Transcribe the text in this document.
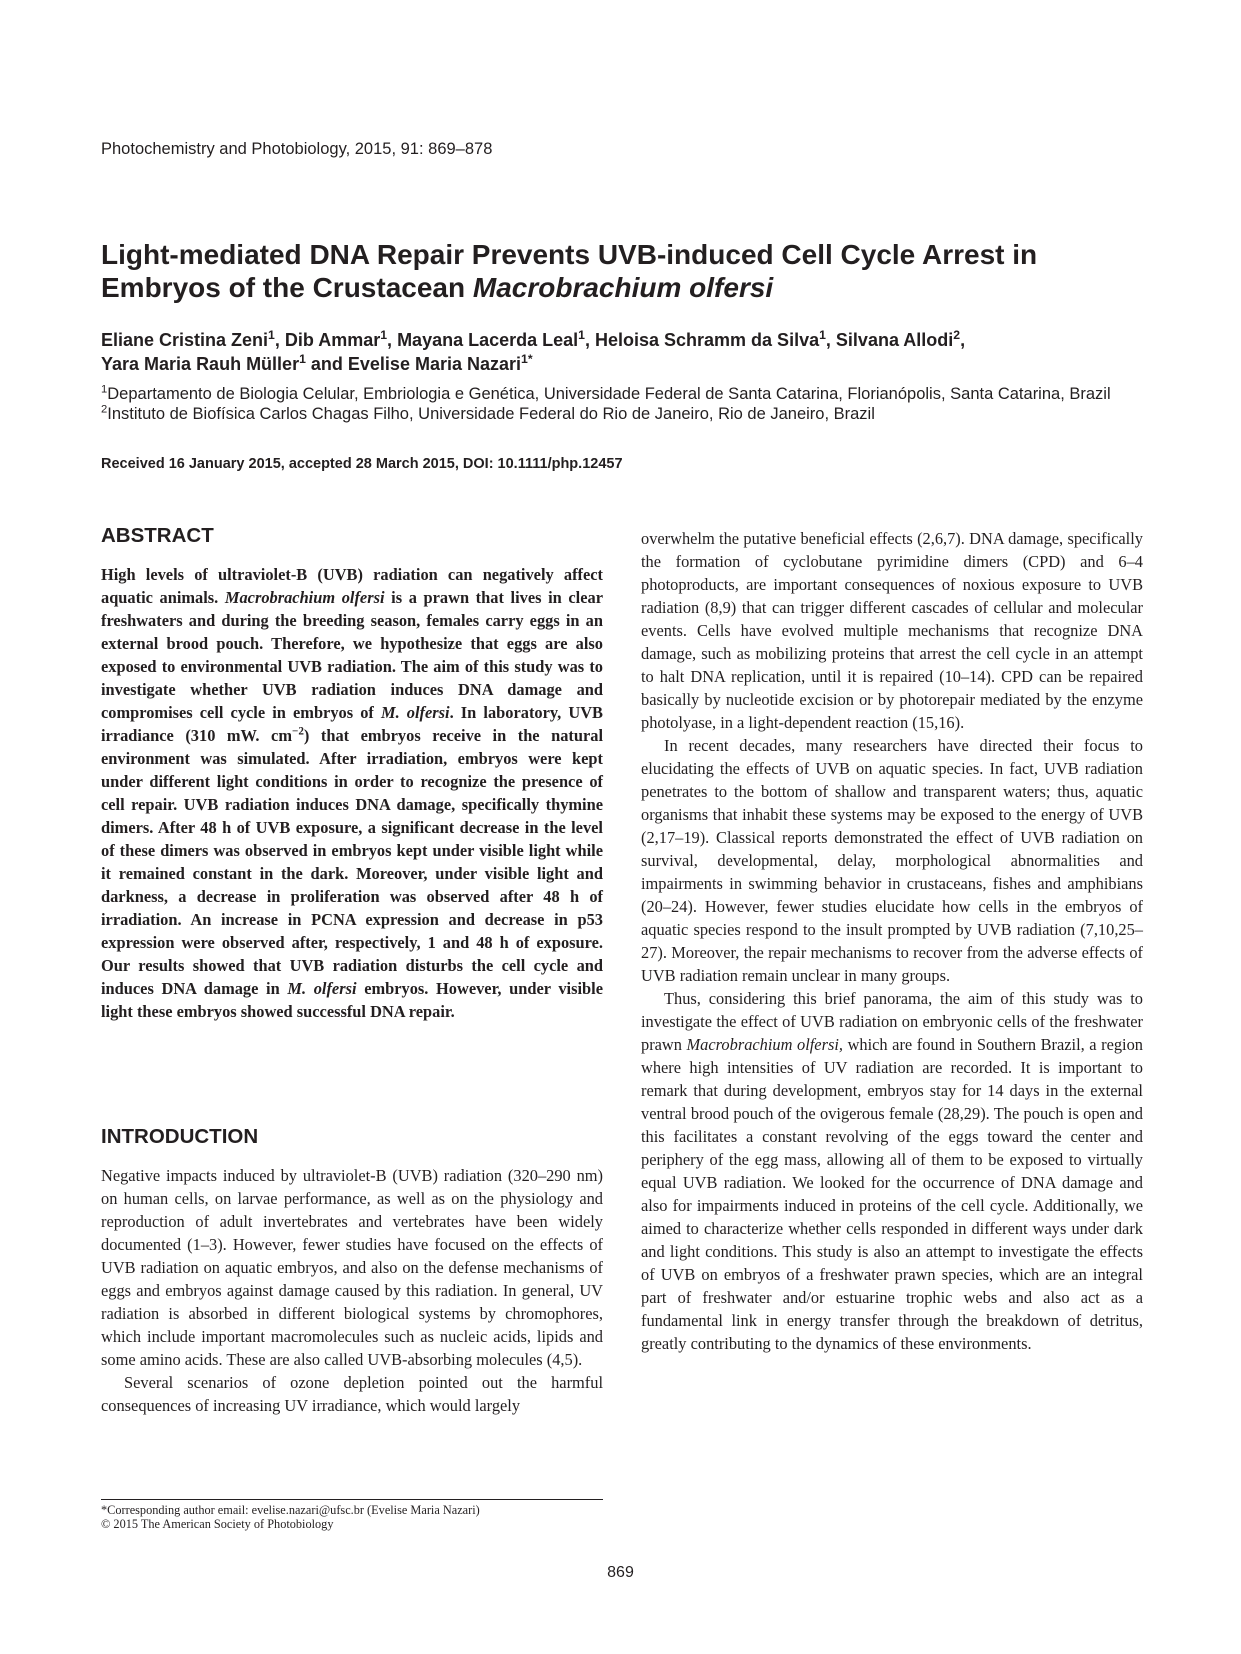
Photochemistry and Photobiology, 2015, 91: 869–878
Light-mediated DNA Repair Prevents UVB-induced Cell Cycle Arrest in Embryos of the Crustacean Macrobrachium olfersi

Eliane Cristina Zeni$^1$, Dib Ammar$^1$, Mayana Lacerda Leal$^1$, Heloisa Schramm da Silva$^1$, Silvana Allodi$^2$,
Yara Maria Rauh Müller$^1$ and Evelise Maria Nazari$^{1*}$

$^1$Departamento de Biologia Celular, Embriologia e Genética, Universidade Federal de Santa Catarina, Florianópolis, Santa Catarina, Brazil
$^2$Instituto de Biofísica Carlos Chagas Filho, Universidade Federal do Rio de Janeiro, Rio de Janeiro, Brazil
Received 16 January 2015, accepted 28 March 2015, DOI: 10.1111/php.12457
ABSTRACT

High levels of ultraviolet-B (UVB) radiation can negatively affect aquatic animals. Macrobrachium olfersi is a prawn that lives in clear freshwaters and during the breeding season, females carry eggs in an external brood pouch. Therefore, we hypothesize that eggs are also exposed to environmental UVB radiation. The aim of this study was to investigate whether UVB radiation induces DNA damage and compromises cell cycle in embryos of M. olfersi. In laboratory, UVB irradiance (310 mW. $cm^{-2}$) that embryos receive in the natural environment was simulated. After irradiation, embryos were kept under different light conditions in order to recognize the presence of cell repair. UVB radiation induces DNA damage, specifically thymine dimers. After 48 h of UVB exposure, a significant decrease in the level of these dimers was observed in embryos kept under visible light while it remained constant in the dark. Moreover, under visible light and darkness, a decrease in proliferation was observed after 48 h of irradiation. An increase in PCNA expression and decrease in p53 expression were observed after, respectively, 1 and 48 h of exposure. Our results showed that UVB radiation disturbs the cell cycle and induces DNA damage in M. olfersi embryos. However, under visible light these embryos showed successful DNA repair.

INTRODUCTION

Negative impacts induced by ultraviolet-B (UVB) radiation (320–290 nm) on human cells, on larvae performance, as well as on the physiology and reproduction of adult invertebrates and vertebrates have been widely documented (1–3). However, fewer studies have focused on the effects of UVB radiation on aquatic embryos, and also on the defense mechanisms of eggs and embryos against damage caused by this radiation. In general, UV radiation is absorbed in different biological systems by chromophores, which include important macromolecules such as nucleic acids, lipids and some amino acids. These are also called UVB-absorbing molecules (4,5).

Several scenarios of ozone depletion pointed out the harmful consequences of increasing UV irradiance, which would largely

overwhelm the putative beneficial effects (2,6,7). DNA damage, specifically the formation of cyclobutane pyrimidine dimers (CPD) and 6–4 photoproducts, are important consequences of noxious exposure to UVB radiation (8,9) that can trigger different cascades of cellular and molecular events. Cells have evolved multiple mechanisms that recognize DNA damage, such as mobilizing proteins that arrest the cell cycle in an attempt to halt DNA replication, until it is repaired (10–14). CPD can be repaired basically by nucleotide excision or by photorepair mediated by the enzyme photolyase, in a light-dependent reaction (15,16).

In recent decades, many researchers have directed their focus to elucidating the effects of UVB on aquatic species. In fact, UVB radiation penetrates to the bottom of shallow and transparent waters; thus, aquatic organisms that inhabit these systems may be exposed to the energy of UVB (2,17–19). Classical reports demonstrated the effect of UVB radiation on survival, developmental, delay, morphological abnormalities and impairments in swimming behavior in crustaceans, fishes and amphibians (20–24). However, fewer studies elucidate how cells in the embryos of aquatic species respond to the insult prompted by UVB radiation (7,10,25–27). Moreover, the repair mechanisms to recover from the adverse effects of UVB radiation remain unclear in many groups.

Thus, considering this brief panorama, the aim of this study was to investigate the effect of UVB radiation on embryonic cells of the freshwater prawn Macrobrachium olfersi, which are found in Southern Brazil, a region where high intensities of UV radiation are recorded. It is important to remark that during development, embryos stay for 14 days in the external ventral brood pouch of the ovigerous female (28,29). The pouch is open and this facilitates a constant revolving of the eggs toward the center and periphery of the egg mass, allowing all of them to be exposed to virtually equal UVB radiation. We looked for the occurrence of DNA damage and also for impairments induced in proteins of the cell cycle. Additionally, we aimed to characterize whether cells responded in different ways under dark and light conditions. This study is also an attempt to investigate the effects of UVB on embryos of a freshwater prawn species, which are an integral part of freshwater and/or estuarine trophic webs and also act as a fundamental link in energy transfer through the breakdown of detritus, greatly contributing to the dynamics of these environments.

*Corresponding author email: evelise.nazari@ufsc.br (Evelise Maria Nazari)
© 2015 The American Society of Photobiology
869
